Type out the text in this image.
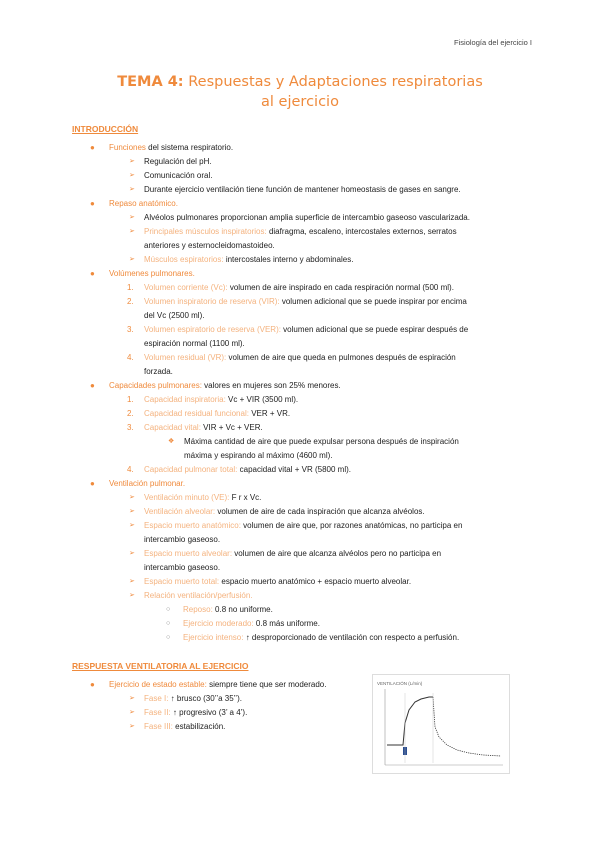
Fisiología del ejercicio I
TEMA 4: Respuestas y Adaptaciones respiratorias
al ejercicio
INTRODUCCIÓN
● Funciones del sistema respiratorio.
➢ Regulación del pH.
➢ Comunicación oral.
➢ Durante ejercicio ventilación tiene función de mantener homeostasis de gases en sangre.
● Repaso anatómico.
➢ Alvéolos pulmonares proporcionan amplia superficie de intercambio gaseoso vascularizada.
➢ Principales músculos inspiratorios: diafragma, escaleno, intercostales externos, serratos
anteriores y esternocleidomastoideo.
➢ Músculos espiratorios: intercostales interno y abdominales.
● Volúmenes pulmonares.
1. Volumen corriente (Vc): volumen de aire inspirado en cada respiración normal (500 ml).
2. Volumen inspiratorio de reserva (VIR): volumen adicional que se puede inspirar por encima
del Vc (2500 ml).
3. Volumen espiratorio de reserva (VER): volumen adicional que se puede espirar después de
espiración normal (1100 ml).
4. Volumen residual (VR): volumen de aire que queda en pulmones después de espiración
forzada.
● Capacidades pulmonares: valores en mujeres son 25% menores.
1. Capacidad inspiratoria: Vc + VIR (3500 ml).
2. Capacidad residual funcional: VER + VR.
3. Capacidad vital: VIR + Vc + VER.
❖ Máxima cantidad de aire que puede expulsar persona después de inspiración
máxima y espirando al máximo (4600 ml).
4. Capacidad pulmonar total: capacidad vital + VR (5800 ml).
● Ventilación pulmonar.
➢ Ventilación minuto (VE): F r x Vc.
➢ Ventilación alveolar: volumen de aire de cada inspiración que alcanza alvéolos.
➢ Espacio muerto anatómico: volumen de aire que, por razones anatómicas, no participa en
intercambio gaseoso.
➢ Espacio muerto alveolar: volumen de aire que alcanza alvéolos pero no participa en
intercambio gaseoso.
➢ Espacio muerto total: espacio muerto anatómico + espacio muerto alveolar.
➢ Relación ventilación/perfusión.
○ Reposo: 0.8 no uniforme.
○ Ejercicio moderado: 0.8 más uniforme.
○ Ejercicio intenso: ↑ desproporcionado de ventilación con respecto a perfusión.
RESPUESTA VENTILATORIA AL EJERCICIO
● Ejercicio de estado estable: siempre tiene que ser moderado.
➢ Fase I: ↑ brusco (30’’a 35’’).
➢ Fase II: ↑ progresivo (3’ a 4’).
➢ Fase III: estabilización.
VENTILACIÓN (L/min)
